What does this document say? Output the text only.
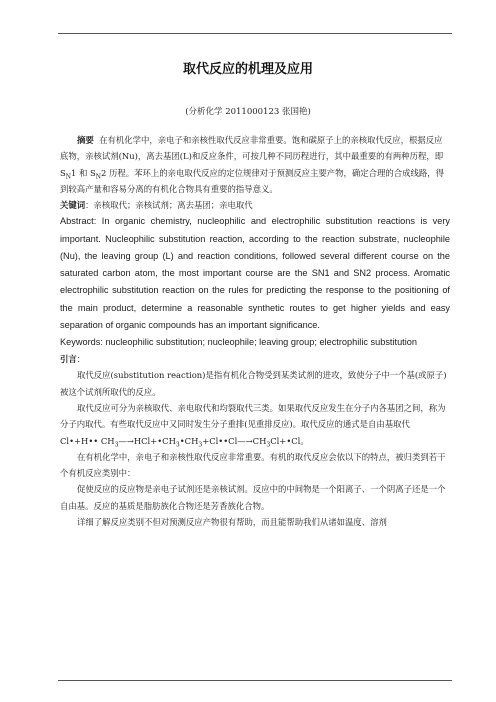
取代反应的机理及应用
(分析化学 2011000123 张国艳)

摘要 在有机化学中，亲电子和亲核性取代反应非常重要。饱和碳原子上的亲核取代反应，根据反应底物，亲核试剂(Nu)，离去基团(L)和反应条件，可按几种不同历程进行，其中最重要的有两种历程，即 $S_N1$ 和 $S_N2$ 历程。苯环上的亲电取代反应的定位规律对于预测反应主要产物，确定合理的合成线路，得到较高产量和容易分离的有机化合物具有重要的指导意义。

关键词：亲核取代；亲核试剂；离去基团；亲电取代

Abstract: In organic chemistry, nucleophilic and electrophilic substitution reactions is very important. Nucleophilic substitution reaction, according to the reaction substrate, nucleophile (Nu), the leaving group (L) and reaction conditions, followed several different course on the saturated carbon atom, the most important course are the SN1 and SN2 process. Aromatic electrophilic substitution reaction on the rules for predicting the response to the positioning of the main product, determine a reasonable synthetic routes to get higher yields and easy separation of organic compounds has an important significance.

Keywords: nucleophilic substitution; nucleophile; leaving group; electrophilic substitution

引言：

取代反应(substitution reaction)是指有机化合物受到某类试剂的进攻，致使分子中一个基(或原子)被这个试剂所取代的反应。

取代反应可分为亲核取代、亲电取代和均裂取代三类。如果取代反应发生在分子内各基团之间，称为分子内取代。有些取代反应中又同时发生分子重排(见重排反应)。取代反应的通式是自由基取代 Cl•+H•• $CH_3—\to HCl+•CH_3•CH_3+Cl••Cl—\to CH_3Cl+•Cl$。

在有机化学中，亲电子和亲核性取代反应非常重要。有机的取代反应会依以下的特点，被归类到若干个有机反应类别中：

促使反应的反应物是亲电子试剂还是亲核试剂。反应中的中间物是一个阳离子、一个阴离子还是一个自由基。反应的基质是脂肪族化合物还是芳香族化合物。

详细了解反应类别不但对预测反应产物很有帮助，而且能帮助我们从诸如温度、溶剂
